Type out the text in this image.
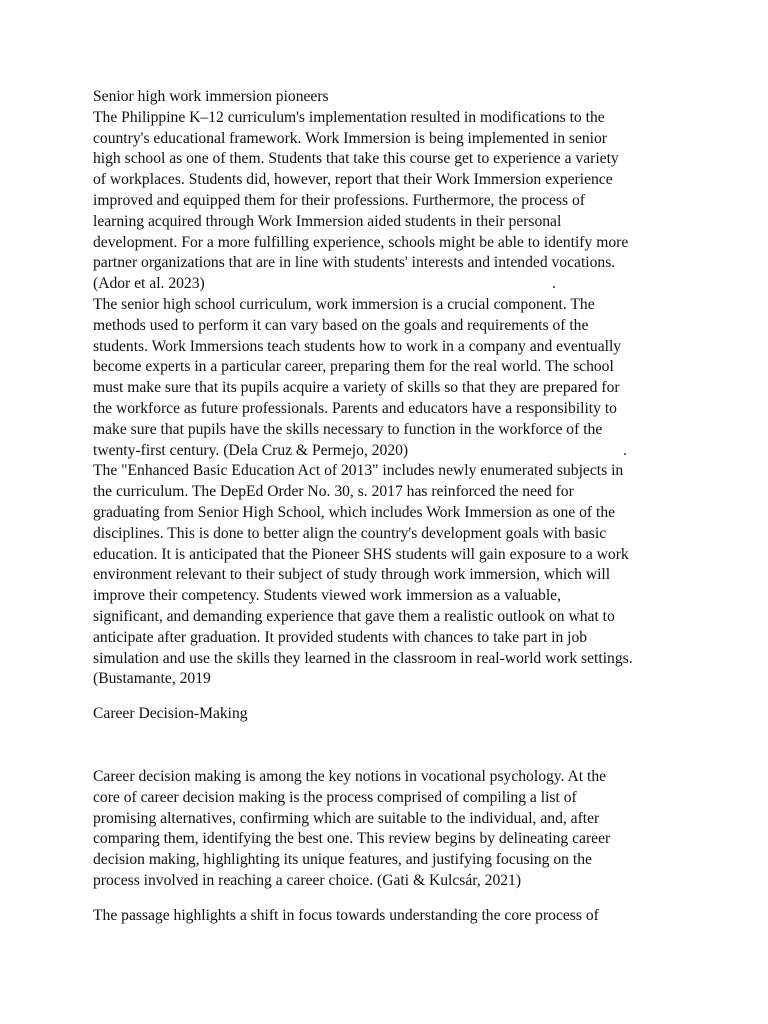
Senior high work immersion pioneers

The Philippine K–12 curriculum's implementation resulted in modifications to the
country's educational framework. Work Immersion is being implemented in senior
high school as one of them. Students that take this course get to experience a variety
of workplaces. Students did, however, report that their Work Immersion experience
improved and equipped them for their professions. Furthermore, the process of
learning acquired through Work Immersion aided students in their personal
development. For a more fulfilling experience, schools might be able to identify more
partner organizations that are in line with students' interests and intended vocations.
(Ador et al. 2023)

The senior high school curriculum, work immersion is a crucial component. The
methods used to perform it can vary based on the goals and requirements of the
students. Work Immersions teach students how to work in a company and eventually
become experts in a particular career, preparing them for the real world. The school
must make sure that its pupils acquire a variety of skills so that they are prepared for
the workforce as future professionals. Parents and educators have a responsibility to
make sure that pupils have the skills necessary to function in the workforce of the
twenty-first century. (Dela Cruz & Permejo, 2020)

The "Enhanced Basic Education Act of 2013" includes newly enumerated subjects in
the curriculum. The DepEd Order No. 30, s. 2017 has reinforced the need for
graduating from Senior High School, which includes Work Immersion as one of the
disciplines. This is done to better align the country's development goals with basic
education. It is anticipated that the Pioneer SHS students will gain exposure to a work
environment relevant to their subject of study through work immersion, which will
improve their competency. Students viewed work immersion as a valuable,
significant, and demanding experience that gave them a realistic outlook on what to
anticipate after graduation. It provided students with chances to take part in job
simulation and use the skills they learned in the classroom in real-world work settings.
(Bustamante, 2019

Career Decision-Making

Career decision making is among the key notions in vocational psychology. At the
core of career decision making is the process comprised of compiling a list of
promising alternatives, confirming which are suitable to the individual, and, after
comparing them, identifying the best one. This review begins by delineating career
decision making, highlighting its unique features, and justifying focusing on the
process involved in reaching a career choice. (Gati & Kulcsár, 2021)

The passage highlights a shift in focus towards understanding the core process of

.
.
